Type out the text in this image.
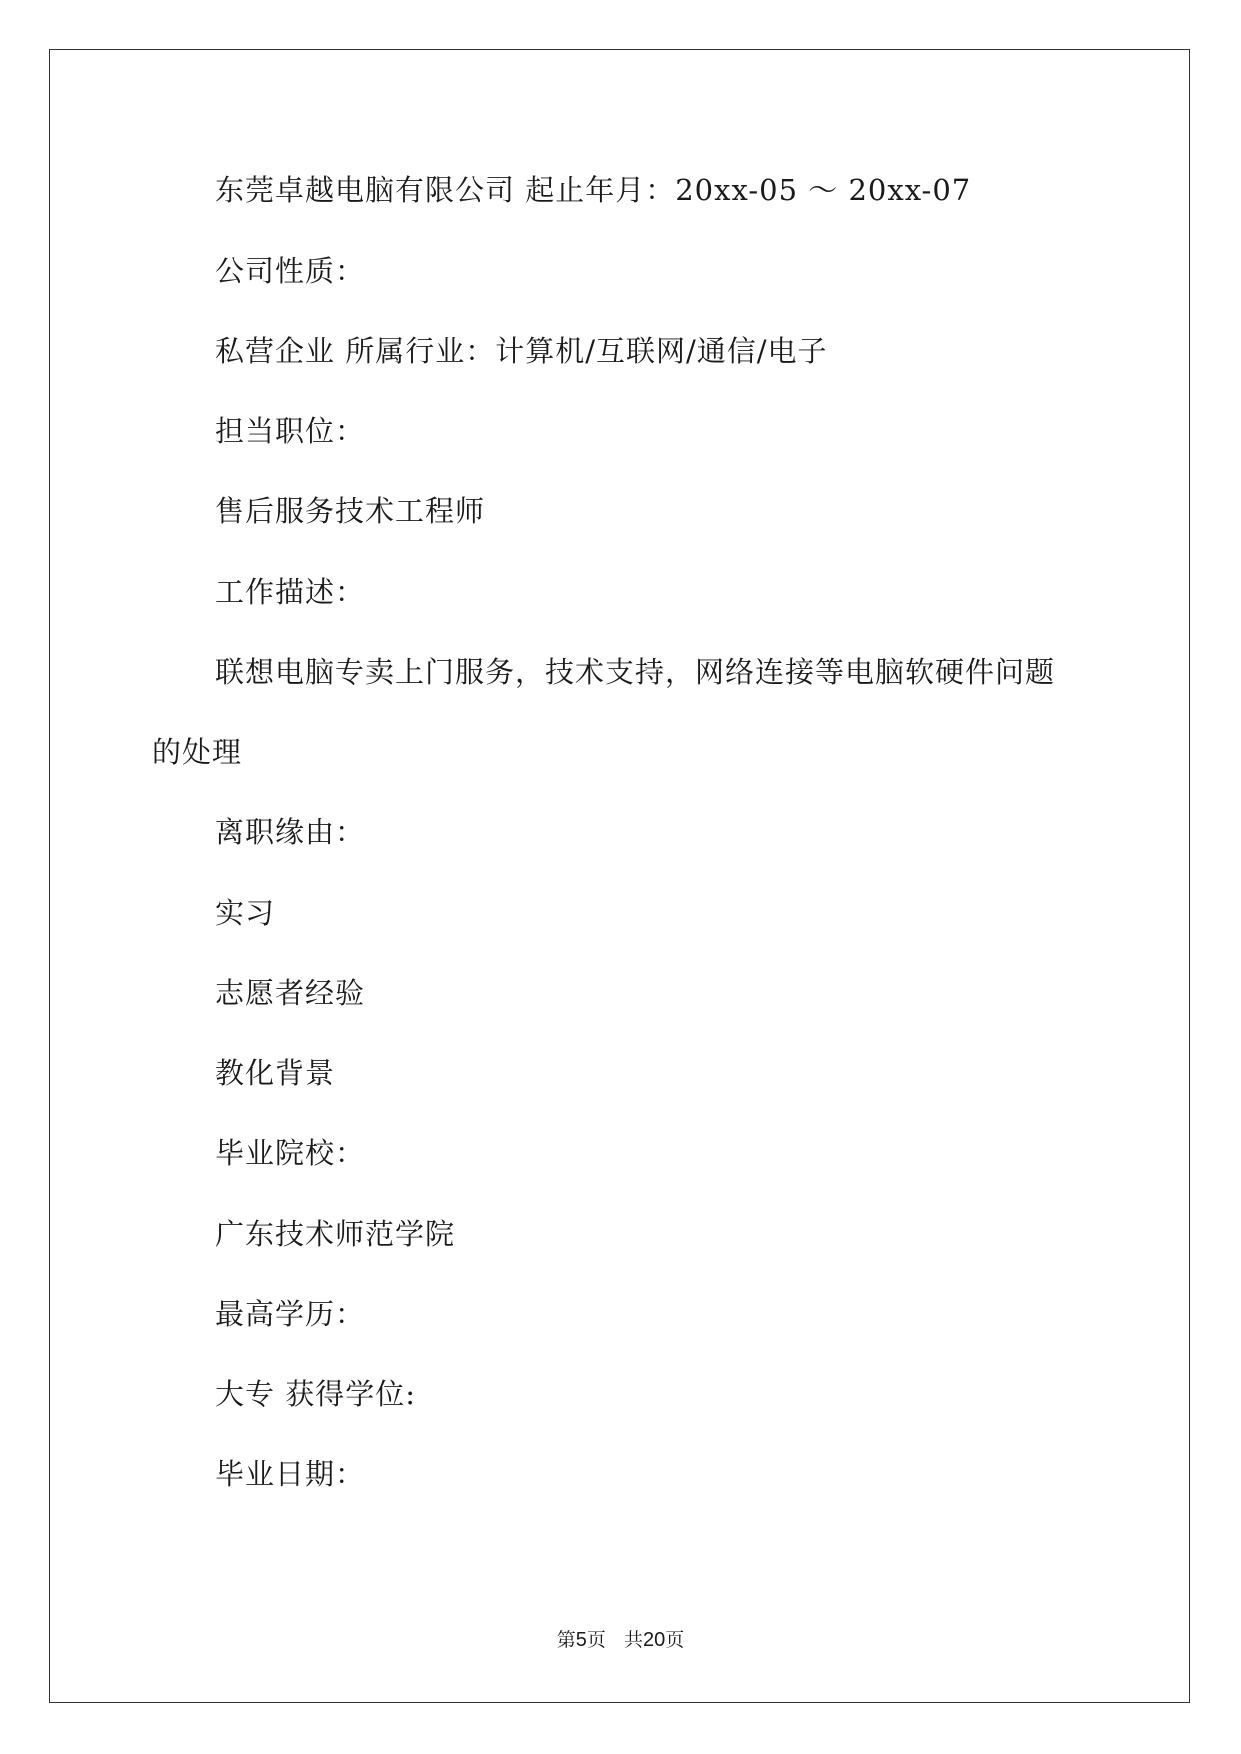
东莞卓越电脑有限公司 起止年月：20xx-05 ～ 20xx-07
公司性质：
私营企业 所属行业：计算机/互联网/通信/电子
担当职位：
售后服务技术工程师
工作描述：
联想电脑专卖上门服务，技术支持，网络连接等电脑软硬件问题
的处理
离职缘由：
实习
志愿者经验
教化背景
毕业院校：
广东技术师范学院
最高学历：
大专 获得学位:
毕业日期：
第5页 共20页
